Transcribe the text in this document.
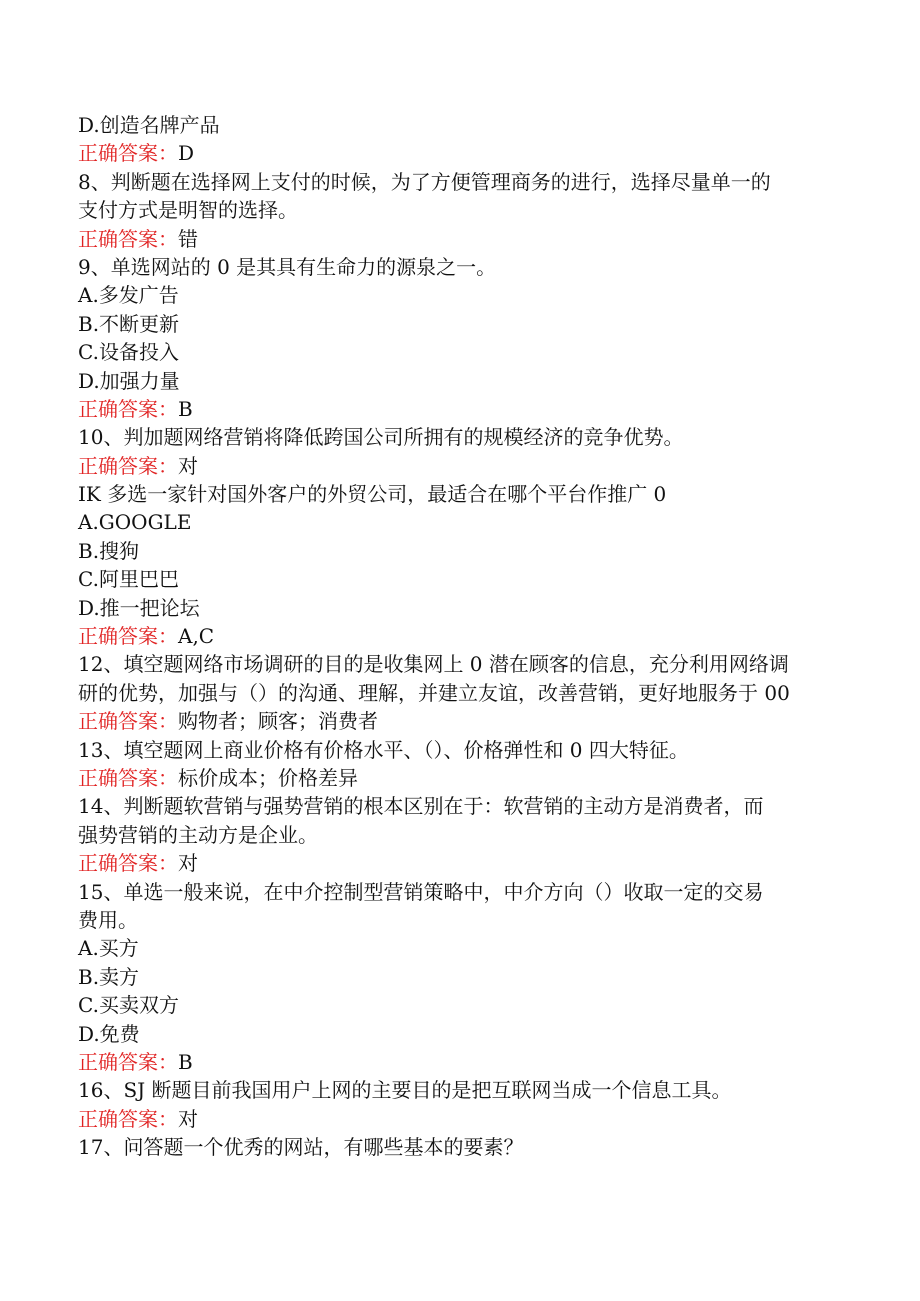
D.创造名牌产品
正确答案：D
8、判断题在选择网上支付的时候，为了方便管理商务的进行，选择尽量单一的
支付方式是明智的选择。
正确答案：错
9、单选网站的 0 是其具有生命力的源泉之一。
A.多发广告
B.不断更新
C.设备投入
D.加强力量
正确答案：B
10、判加题网络营销将降低跨国公司所拥有的规模经济的竞争优势。
正确答案：对
IK 多选一家针对国外客户的外贸公司，最适合在哪个平台作推广 0
A.GOOGLE
B.搜狗
C.阿里巴巴
D.推一把论坛
正确答案：A,C
12、填空题网络市场调研的目的是收集网上 0 潜在顾客的信息，充分利用网络调
研的优势，加强与（）的沟通、理解，并建立友谊，改善营销，更好地服务于 00
正确答案：购物者；顾客；消费者
13、填空题网上商业价格有价格水平、（）、价格弹性和 0 四大特征。
正确答案：标价成本；价格差异
14、判断题软营销与强势营销的根本区别在于：软营销的主动方是消费者，而
强势营销的主动方是企业。
正确答案：对
15、单选一般来说，在中介控制型营销策略中，中介方向（）收取一定的交易
费用。
A.买方
B.卖方
C.买卖双方
D.免费
正确答案：B
16、SJ 断题目前我国用户上网的主要目的是把互联网当成一个信息工具。
正确答案：对
17、问答题一个优秀的网站，有哪些基本的要素？
